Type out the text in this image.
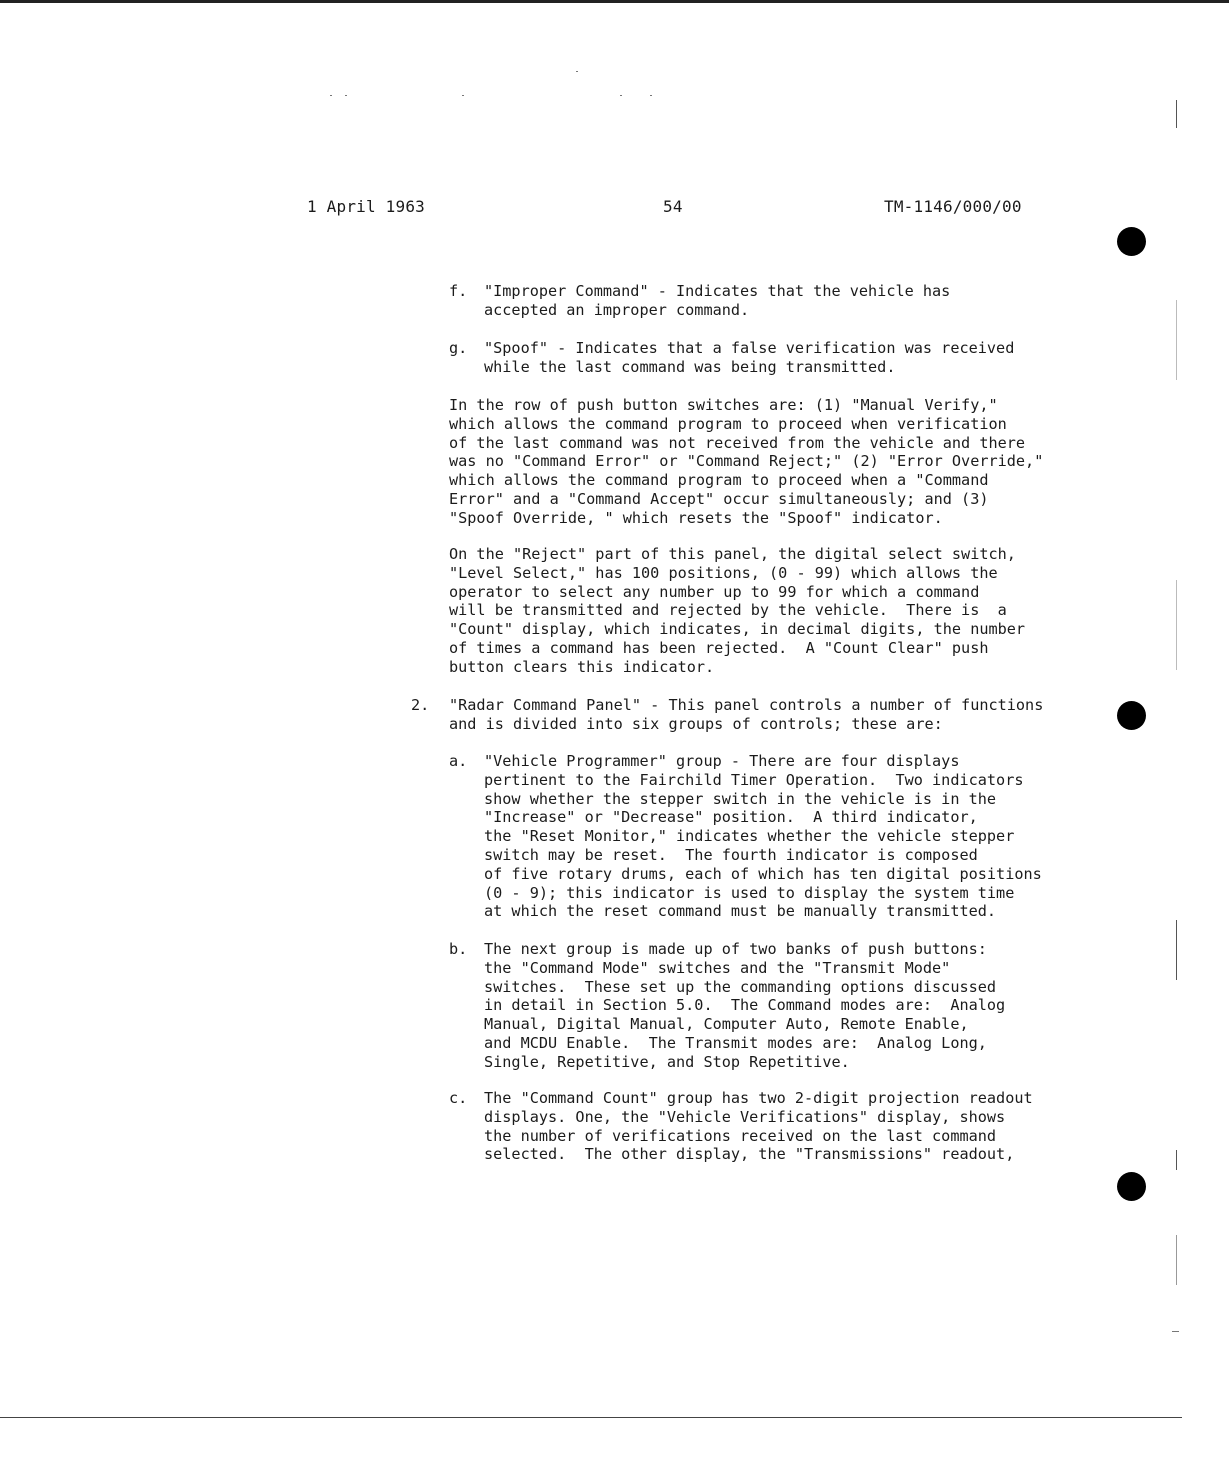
1 April 1963	54	TM-1146/000/00
f. "Improper Command" - Indicates that the vehicle has
accepted an improper command.
g. "Spoof" - Indicates that a false verification was received
while the last command was being transmitted.
In the row of push button switches are: (1) "Manual Verify,"
which allows the command program to proceed when verification
of the last command was not received from the vehicle and there
was no "Command Error" or "Command Reject;" (2) "Error Override,"
which allows the command program to proceed when a "Command
Error" and a "Command Accept" occur simultaneously; and (3)
"Spoof Override, " which resets the "Spoof" indicator.
On the "Reject" part of this panel, the digital select switch,
"Level Select," has 100 positions, (0 - 99) which allows the
operator to select any number up to 99 for which a command
will be transmitted and rejected by the vehicle.  There is  a
"Count" display, which indicates, in decimal digits, the number
of times a command has been rejected.  A "Count Clear" push
button clears this indicator.
2. "Radar Command Panel" - This panel controls a number of functions
and is divided into six groups of controls; these are:
a. "Vehicle Programmer" group - There are four displays
pertinent to the Fairchild Timer Operation.  Two indicators
show whether the stepper switch in the vehicle is in the
"Increase" or "Decrease" position.  A third indicator,
the "Reset Monitor," indicates whether the vehicle stepper
switch may be reset.  The fourth indicator is composed
of five rotary drums, each of which has ten digital positions
(0 - 9); this indicator is used to display the system time
at which the reset command must be manually transmitted.
b. The next group is made up of two banks of push buttons:
the "Command Mode" switches and the "Transmit Mode"
switches.  These set up the commanding options discussed
in detail in Section 5.0.  The Command modes are:  Analog
Manual, Digital Manual, Computer Auto, Remote Enable,
and MCDU Enable.  The Transmit modes are:  Analog Long,
Single, Repetitive, and Stop Repetitive.
c. The "Command Count" group has two 2-digit projection readout
displays. One, the "Vehicle Verifications" display, shows
the number of verifications received on the last command
selected.  The other display, the "Transmissions" readout,
